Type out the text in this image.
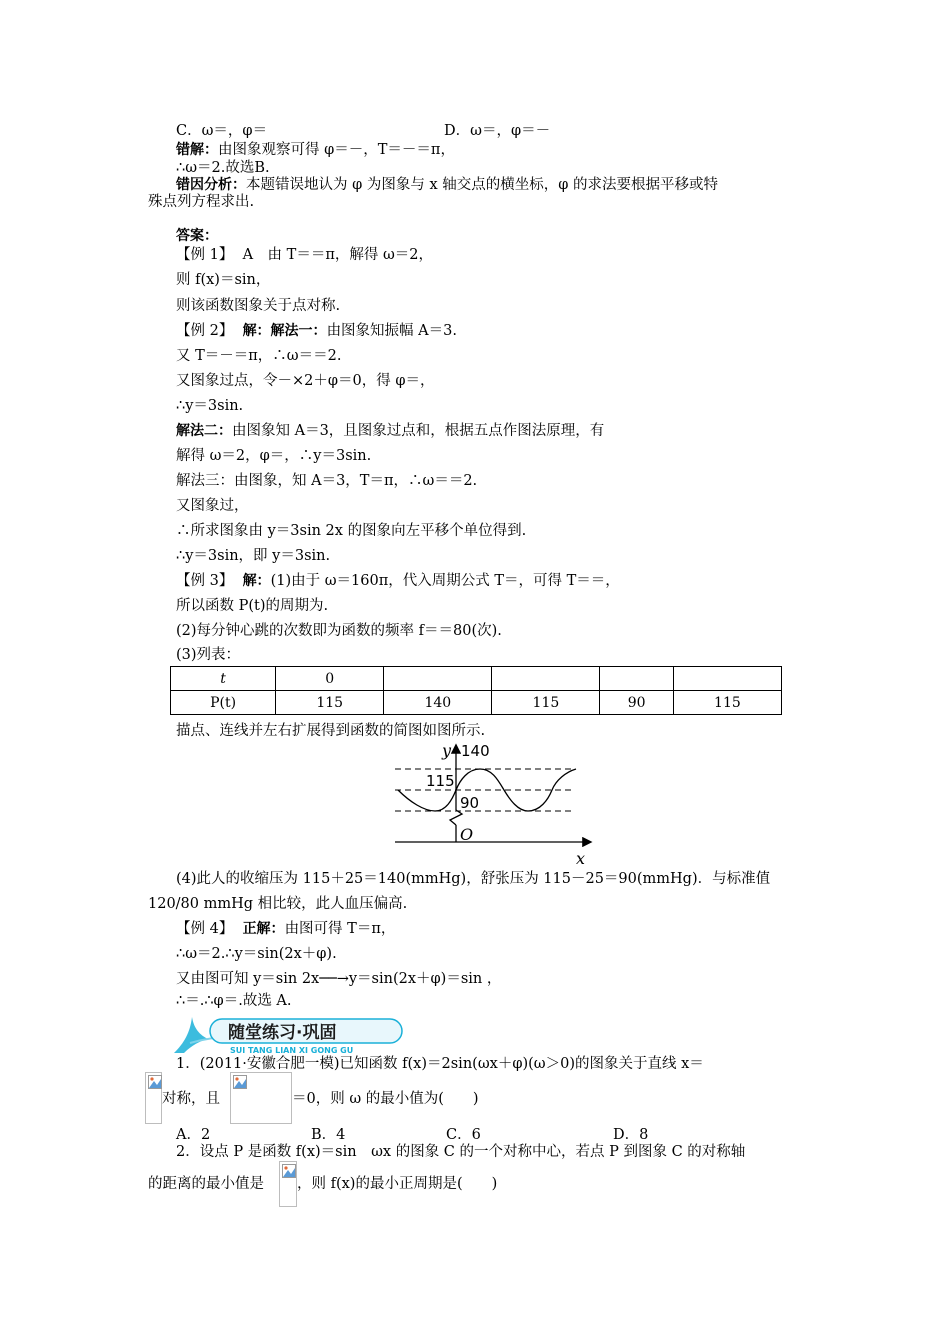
C．ω＝，φ＝	D．ω＝，φ＝－
错解：由图象观察可得 φ＝－，T＝－＝π，
∴ω＝2.故选B.
错因分析：本题错误地认为 φ 为图象与 x 轴交点的横坐标，φ 的求法要根据平移或特
殊点列方程求出.
答案：
【例 1】 A　由 T＝＝π，解得 ω＝2，
则 f(x)＝sin，
则该函数图象关于点对称.
【例 2】 解：解法一：由图象知振幅 A＝3.
又 T＝－＝π，∴ω＝＝2.
又图象过点，令－×2＋φ＝0，得 φ＝，
∴y＝3sin.
解法二：由图象知 A＝3，且图象过点和，根据五点作图法原理，有
解得 ω＝2，φ＝，∴y＝3sin.
解法三：由图象，知 A＝3，T＝π，∴ω＝＝2.
又图象过，
∴所求图象由 y＝3sin 2x 的图象向左平移个单位得到.
∴y＝3sin，即 y＝3sin.
【例 3】 解：(1)由于 ω＝160π，代入周期公式 T＝，可得 T＝＝，
所以函数 P(t)的周期为.
(2)每分钟心跳的次数即为函数的频率 f＝＝80(次).
(3)列表：
t	0				
P(t)	115	140	115	90	115
描点、连线并左右扩展得到函数的简图如图所示.
y 140
115
90
O
x
(4)此人的收缩压为 115＋25＝140(mmHg)，舒张压为 115－25＝90(mmHg)．与标准值
120/80 mmHg 相比较，此人血压偏高.
【例 4】 正解：由图可得 T＝π，
∴ω＝2.∴y＝sin(2x＋φ).
又由图可知 y＝sin 2x──→y＝sin(2x＋φ)＝sin ，
∴＝.∴φ＝.故选 A.
随堂练习·巩固
SUI TANG LIAN XI GONG GU
1．(2011·安徽合肥一模)已知函数 f(x)＝2sin(ωx＋φ)(ω＞0)的图象关于直线 x＝
对称，且	＝0，则 ω 的最小值为(　　)
A．2	B．4	C．6	D．8
2．设点 P 是函数 f(x)＝sin　ωx 的图象 C 的一个对称中心，若点 P 到图象 C 的对称轴
的距离的最小值是 ，则 f(x)的最小正周期是(　　)
